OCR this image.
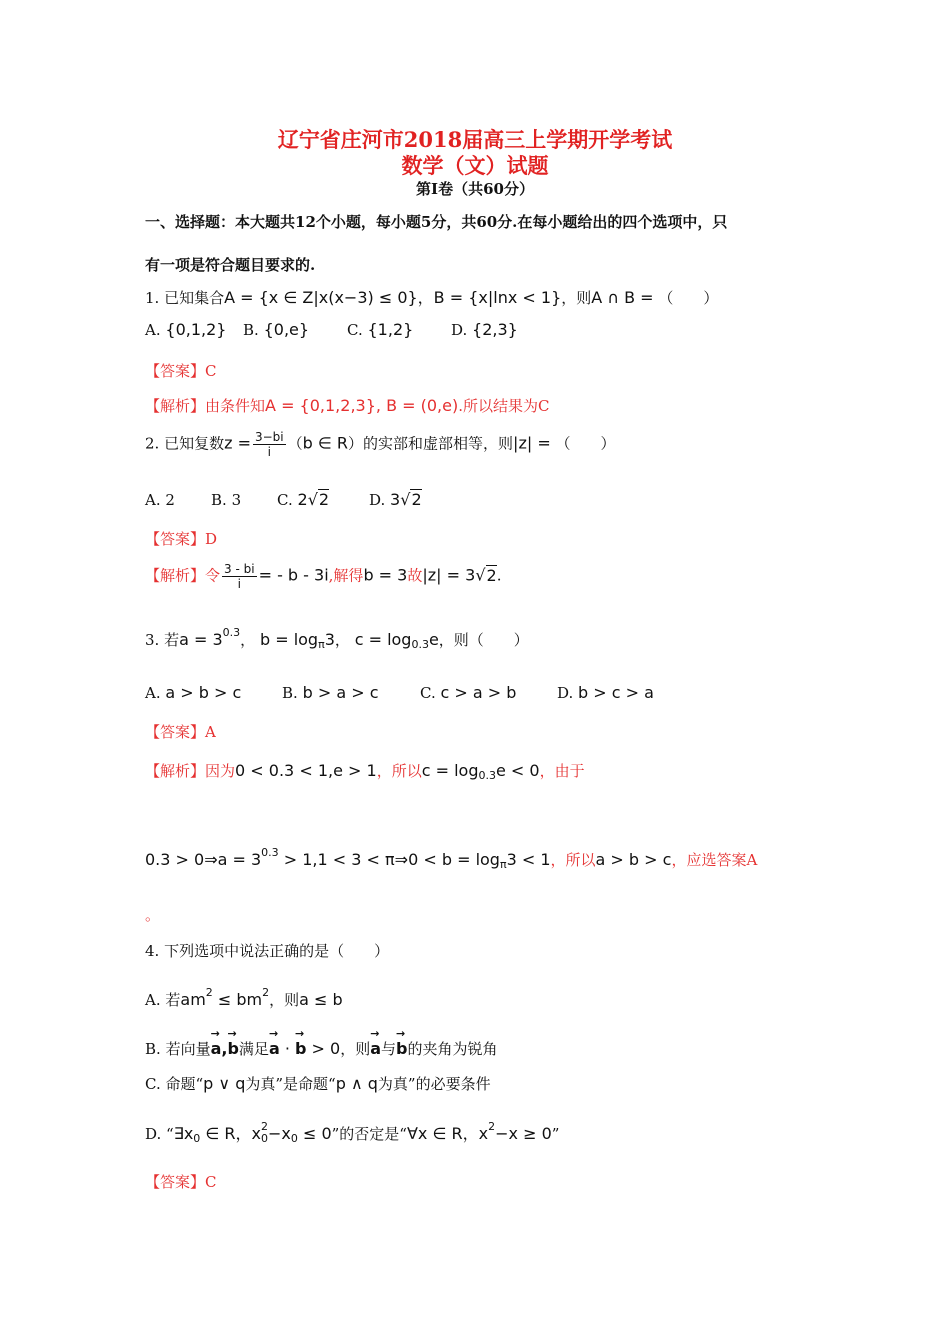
辽宁省庄河市2018届高三上学期开学考试
数学（文）试题
第Ⅰ卷（共60分）
一、选择题：本大题共12个小题，每小题5分，共60分.在每小题给出的四个选项中，只
有一项是符合题目要求的.
1. 已知集合A = {x ∈ Z|x(x−3) ≤ 0}，B = {x|lnx < 1}，则A ∩ B = （　　）
A. {0,1,2} B. {0,e}	C. {1,2}	D. {2,3}
【答案】C
【解析】由条件知A = {0,1,2,3}, B = (0,e).所以结果为C
2. 已知复数$z = \frac{3-bi}{i} (b$ ∈ R）的实部和虚部相等，则|z| = （　　）
A. 2 B. 3 C. 2√2	D. 3√2
【答案】D
【解析】令 $\frac{3 - bi}{i}$ = - b - 3i,解得b = 3故|z| = 3√2.
3. 若$a = 3^{0.3}$， $b = \log_\pi 3$， $c = \log_{0.3}e$，则（　　）
A. a > b > c	B. b > a > c	C. c > a > b	D. b > c > a
【答案】A
【解析】因为0 < 0.3 < 1,e > 1，所以$c = \log_{0.3}e < 0$，由于
0.3 > 0⇒a = $3^{0.3} > 1,1 < 3$ < π⇒0 < $b = \log_\pi 3 < 1$，所以a > b > c，应选答案A
。
4. 下列选项中说法正确的是（　　）
A. 若$am^2 \le bm^2$，则a ≤ b
B. 若向量→ a,→ b满足→ a · → b > 0，则→ a与→ b的夹角为锐角
C. 命题“p ∨ q为真”是命题“p ∧ q为真”的必要条件
D. “$\exists x_0$ ∈ R，$x_0^2-x_0 \le 0$”的否定是“∀x ∈ R，$x^2-x \ge 0$”
【答案】C
